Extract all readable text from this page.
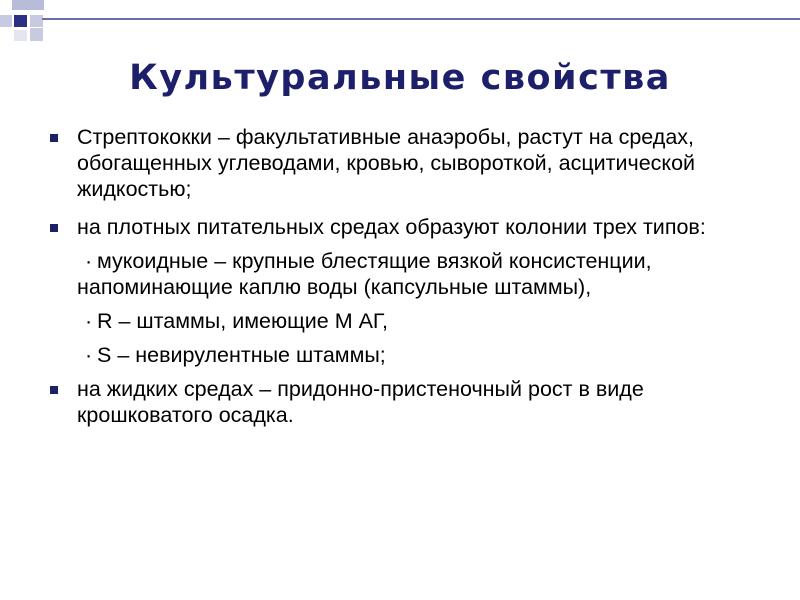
Культуральные свойства
Стрептококки – факультативные анаэробы, растут на средах, обогащенных углеводами, кровью, сывороткой, асцитической жидкостью;
на плотных питательных средах образуют колонии трех типов:
· мукоидные – крупные блестящие вязкой консистенции, напоминающие каплю воды (капсульные штаммы),
· R – штаммы, имеющие М АГ,
· S – невирулентные штаммы;
на жидких средах – придонно-пристеночный рост в виде крошковатого осадка.
